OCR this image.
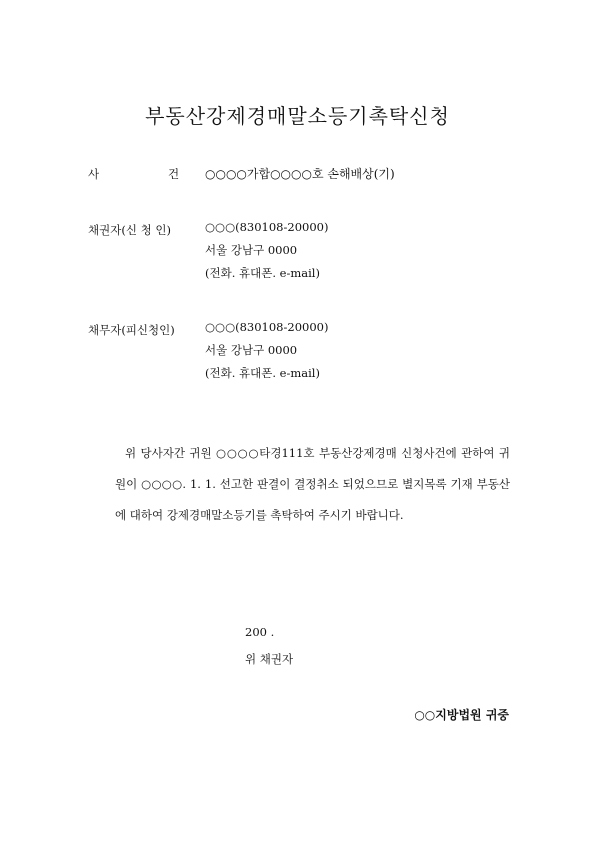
부동산강제경매말소등기촉탁신청
사	건 ○○○○가합○○○○호 손해배상(기)
채권자(신 청 인)	○○○(830108-20000)
서울 강남구 0000
(전화. 휴대폰. e-mail)
채무자(피신청인)	○○○(830108-20000)
서울 강남구 0000
(전화. 휴대폰. e-mail)
위 당사자간 귀원 ○○○○타경111호 부동산강제경매 신청사건에 관하여 귀원이 ○○○○. 1. 1. 선고한 판결이 결정취소 되었으므로 별지목록 기재 부동산에 대하여 강제경매말소등기를 촉탁하여 주시기 바랍니다.
200 .
위 채권자
○○지방법원 귀중
